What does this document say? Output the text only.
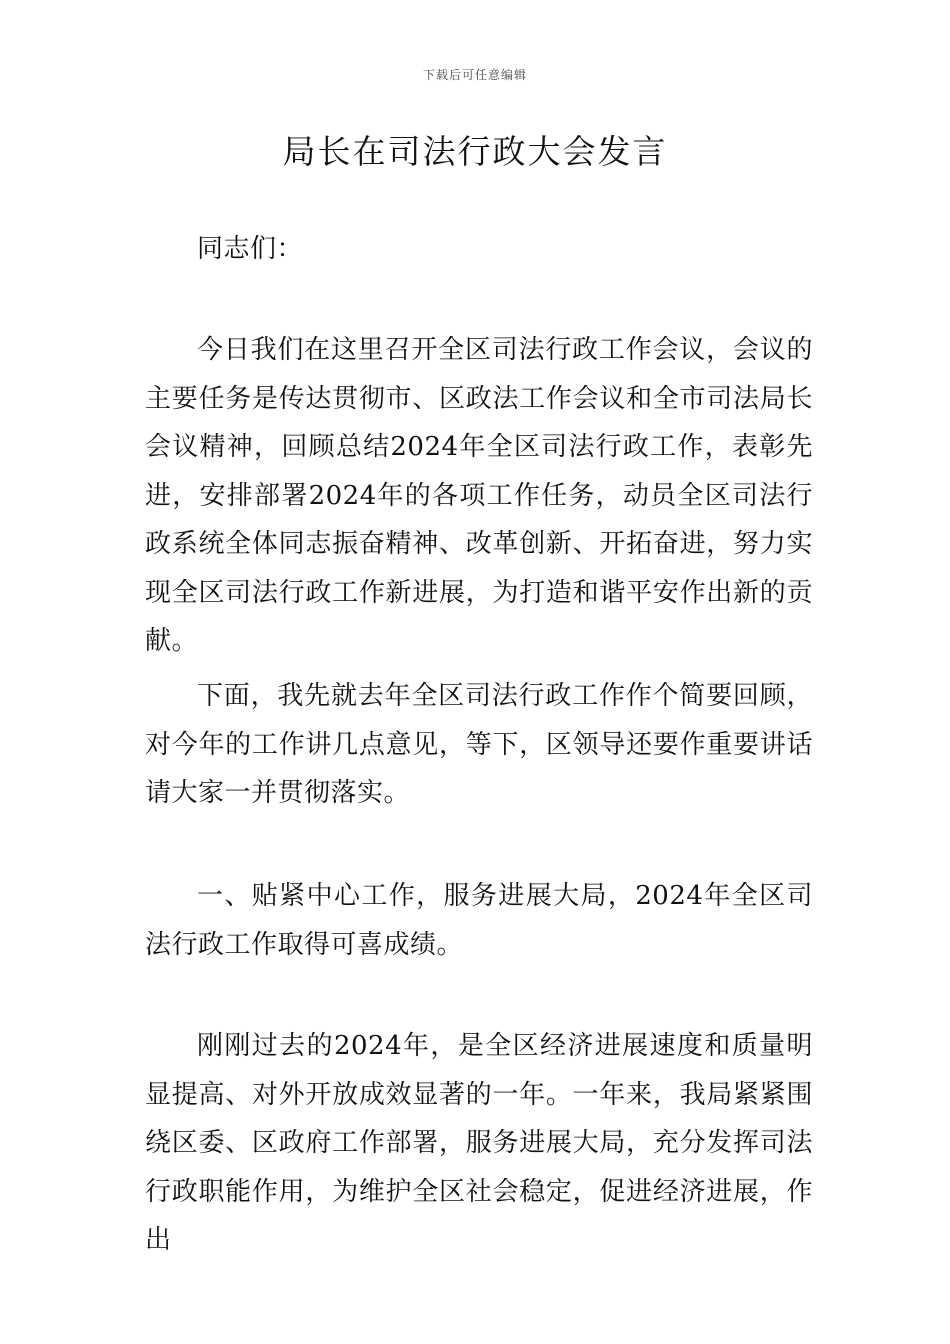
下载后可任意编辑
局长在司法行政大会发言

同志们：

今日我们在这里召开全区司法行政工作会议，会议的主要任务是传达贯彻市、区政法工作会议和全市司法局长会议精神，回顾总结2024年全区司法行政工作，表彰先进，安排部署2024年的各项工作任务，动员全区司法行政系统全体同志振奋精神、改革创新、开拓奋进，努力实现全区司法行政工作新进展，为打造和谐平安作出新的贡献。

下面，我先就去年全区司法行政工作作个简要回顾，对今年的工作讲几点意见，等下，区领导还要作重要讲话请大家一并贯彻落实。

一、贴紧中心工作，服务进展大局，2024年全区司法行政工作取得可喜成绩。

刚刚过去的2024年，是全区经济进展速度和质量明显提高、对外开放成效显著的一年。一年来，我局紧紧围绕区委、区政府工作部署，服务进展大局，充分发挥司法行政职能作用，为维护全区社会稳定，促进经济进展，作出
